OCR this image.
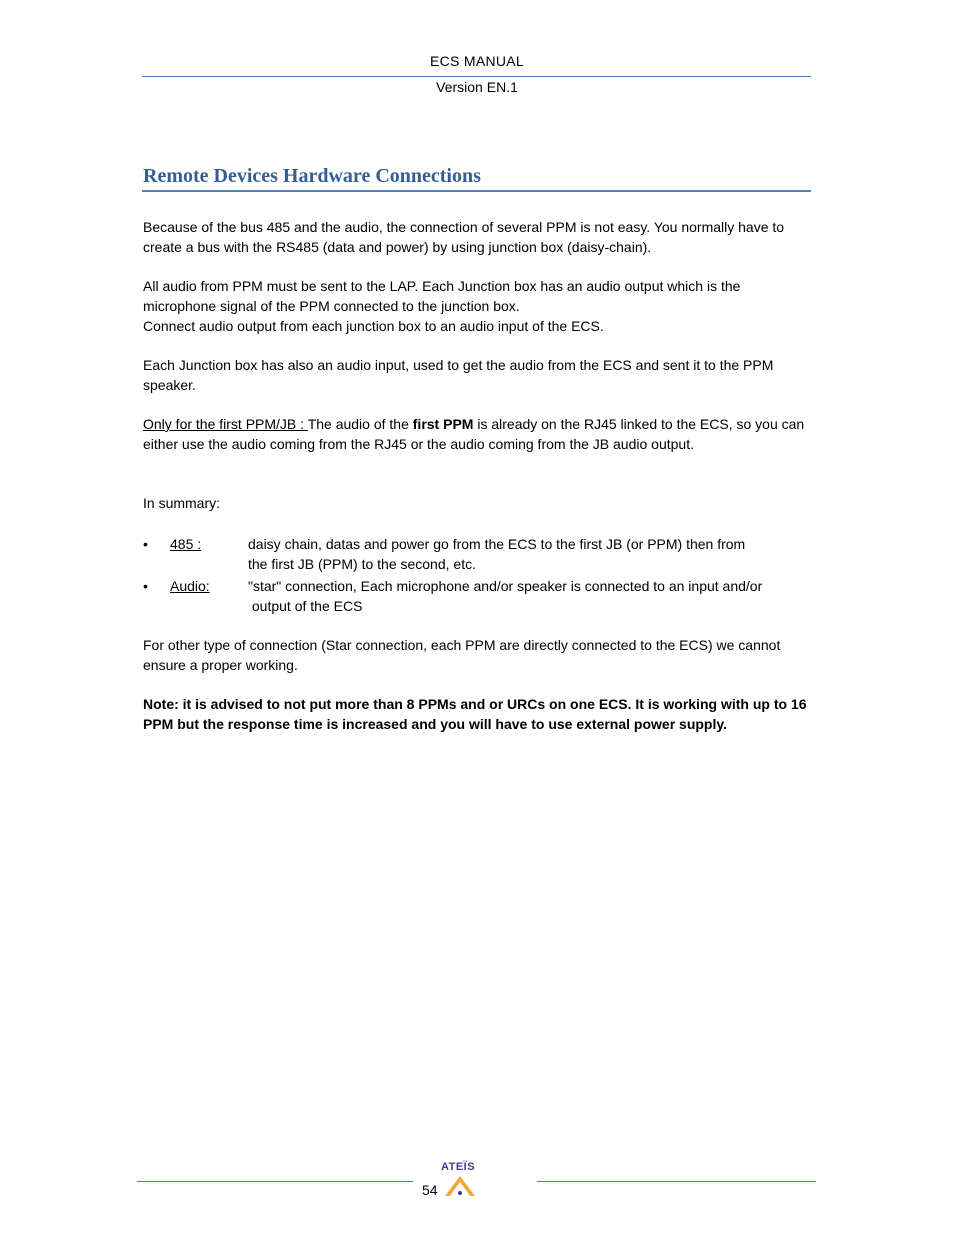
ECS MANUAL
Version EN.1
Remote Devices Hardware Connections

Because of the bus 485 and the audio, the connection of several PPM is not easy. You normally have to create a bus with the RS485 (data and power) by using junction box (daisy-chain).

All audio from PPM must be sent to the LAP. Each Junction box has an audio output which is the microphone signal of the PPM connected to the junction box.

Connect audio output from each junction box to an audio input of the ECS.

Each Junction box has also an audio input, used to get the audio from the ECS and sent it to the PPM speaker.

Only for the first PPM/JB : The audio of the first PPM is already on the RJ45 linked to the ECS, so you can either use the audio coming from the RJ45 or the audio coming from the JB audio output.

In summary:

• 485 :	daisy chain, datas and power go from the ECS to the first JB (or PPM) then from
the first JB (PPM) to the second, etc.
• Audio:	"star" connection, Each microphone and/or speaker is connected to an input and/or
output of the ECS

For other type of connection (Star connection, each PPM are directly connected to the ECS) we cannot ensure a proper working.

Note: it is advised to not put more than 8 PPMs and or URCs on one ECS. It is working with up to 16 PPM but the response time is increased and you will have to use external power supply.

54
ATEÏS
